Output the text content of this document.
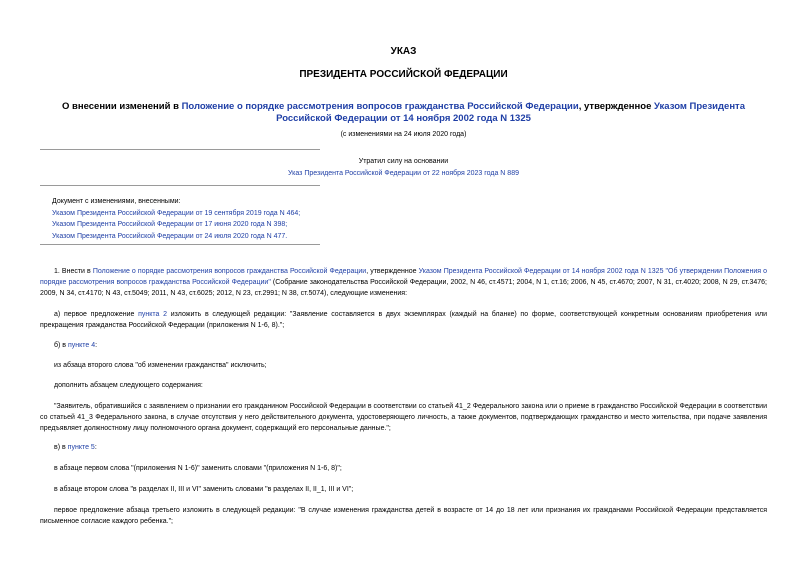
УКАЗ
ПРЕЗИДЕНТА РОССИЙСКОЙ ФЕДЕРАЦИИ
О внесении изменений в Положение о порядке рассмотрения вопросов гражданства Российской Федерации, утвержденное Указом Президента Российской Федерации от 14 ноября 2002 года N 1325
(с изменениями на 24 июля 2020 года)
Утратил силу на основании
Указ Президента Российской Федерации от 22 ноября 2023 года N 889
Документ с изменениями, внесенными:
Указом Президента Российской Федерации от 19 сентября 2019 года N 464;
Указом Президента Российской Федерации от 17 июня 2020 года N 398;
Указом Президента Российской Федерации от 24 июля 2020 года N 477.
1. Внести в Положение о порядке рассмотрения вопросов гражданства Российской Федерации, утвержденное Указом Президента Российской Федерации от 14 ноября 2002 года N 1325 "Об утверждении Положения о порядке рассмотрения вопросов гражданства Российской Федерации" (Собрание законодательства Российской Федерации, 2002, N 46, ст.4571; 2004, N 1, ст.16; 2006, N 45, ст.4670; 2007, N 31, ст.4020; 2008, N 29, ст.3476; 2009, N 34, ст.4170; N 43, ст.5049; 2011, N 43, ст.6025; 2012, N 23, ст.2991; N 38, ст.5074), следующие изменения:
а) первое предложение пункта 2 изложить в следующей редакции: "Заявление составляется в двух экземплярах (каждый на бланке) по форме, соответствующей конкретным основаниям приобретения или прекращения гражданства Российской Федерации (приложения N 1-6, 8).";
б) в пункте 4:
из абзаца второго слова "об изменении гражданства" исключить;
дополнить абзацем следующего содержания:
"Заявитель, обратившийся с заявлением о признании его гражданином Российской Федерации в соответствии со статьей 41_2 Федерального закона или о приеме в гражданство Российской Федерации в соответствии со статьей 41_3 Федерального закона, в случае отсутствия у него действительного документа, удостоверяющего личность, а также документов, подтверждающих гражданство и место жительства, при подаче заявления предъявляет должностному лицу полномочного органа документ, содержащий его персональные данные.";
в) в пункте 5:
в абзаце первом слова "(приложения N 1-6)" заменить словами "(приложения N 1-6, 8)";
в абзаце втором слова "в разделах II, III и VI" заменить словами "в разделах II, II_1, III и VI";
первое предложение абзаца третьего изложить в следующей редакции: "В случае изменения гражданства детей в возрасте от 14 до 18 лет или признания их гражданами Российской Федерации представляется письменное согласие каждого ребенка.";
